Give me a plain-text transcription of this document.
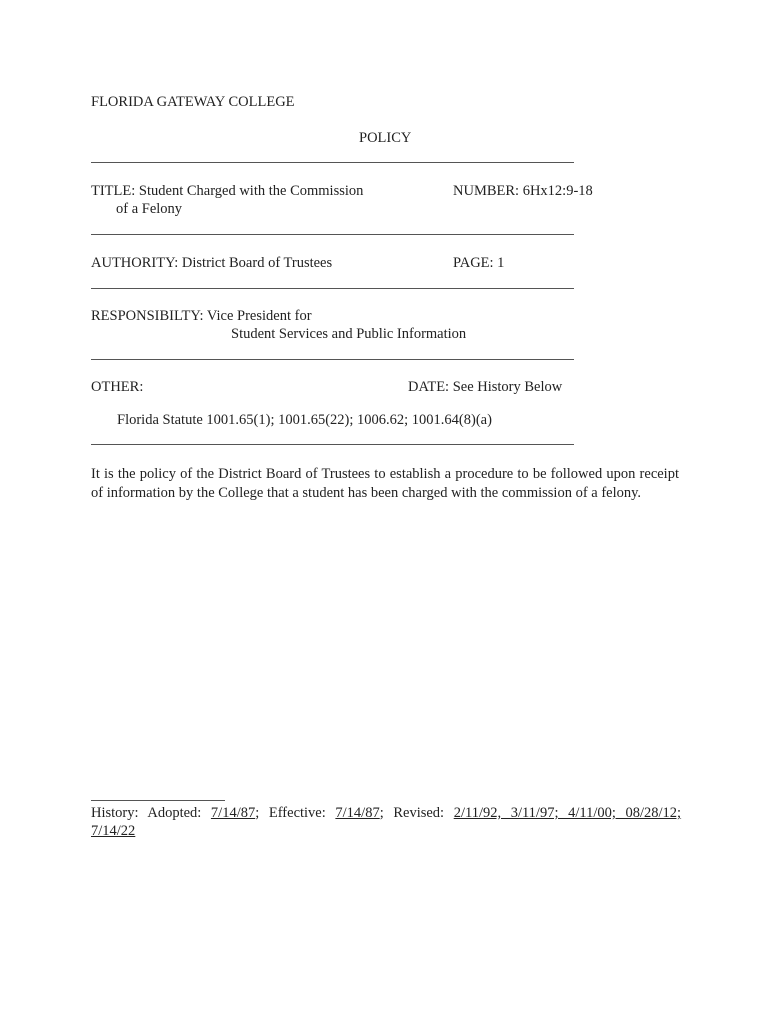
FLORIDA GATEWAY COLLEGE
POLICY
TITLE: Student Charged with the Commission
of a Felony
NUMBER: 6Hx12:9-18
AUTHORITY: District Board of Trustees	PAGE: 1
RESPONSIBILTY: Vice President for
Student Services and Public Information
OTHER:	DATE: See History Below
Florida Statute 1001.65(1); 1001.65(22); 1006.62; 1001.64(8)(a)
It is the policy of the District Board of Trustees to establish a procedure to be followed upon receipt of information by the College that a student has been charged with the commission of a felony.
History: Adopted: 7/14/87; Effective: 7/14/87; Revised: 2/11/92, 3/11/97; 4/11/00; 08/28/12;
7/14/22
